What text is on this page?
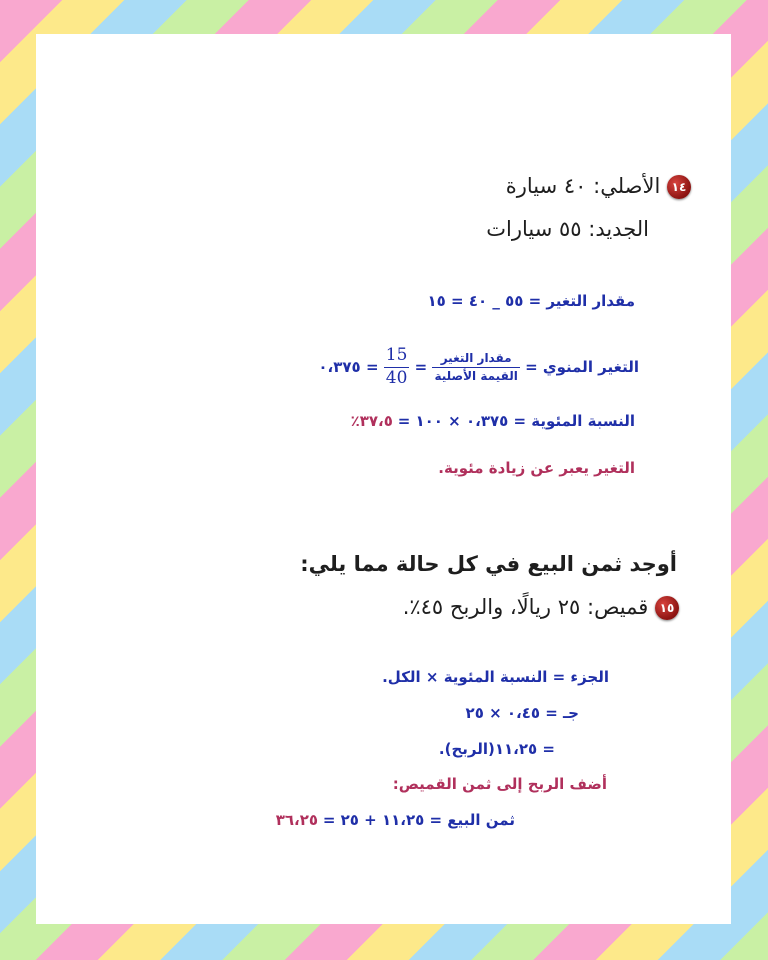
١٤ الأصلي: ٤٠ سيارة
الجديد: ٥٥ سيارات
مقدار التغير = ٥٥ _ ٤٠ = ١٥
التغير المنوي =
$\frac{\text{مقدار التغير}}{\text{القيمة الأصلية}}$
=
$\frac{15}{40}$
= ٠،٣٧٥
النسبة المئوية = ٠،٣٧٥ × ١٠٠ = ٣٧،٥٪
التغير يعبر عن زيادة مئوية.
أوجد ثمن البيع في كل حالة مما يلي:
١٥ قميص: ٢٥ ريالًا، والربح ٤٥٪.
الجزء = النسبة المئوية × الكل.
جـ = ٠،٤٥ × ٢٥
= ١١،٢٥(الربح).
أضف الربح إلى ثمن القميص:
ثمن البيع = ١١،٢٥ + ٢٥ = ٣٦،٢٥
